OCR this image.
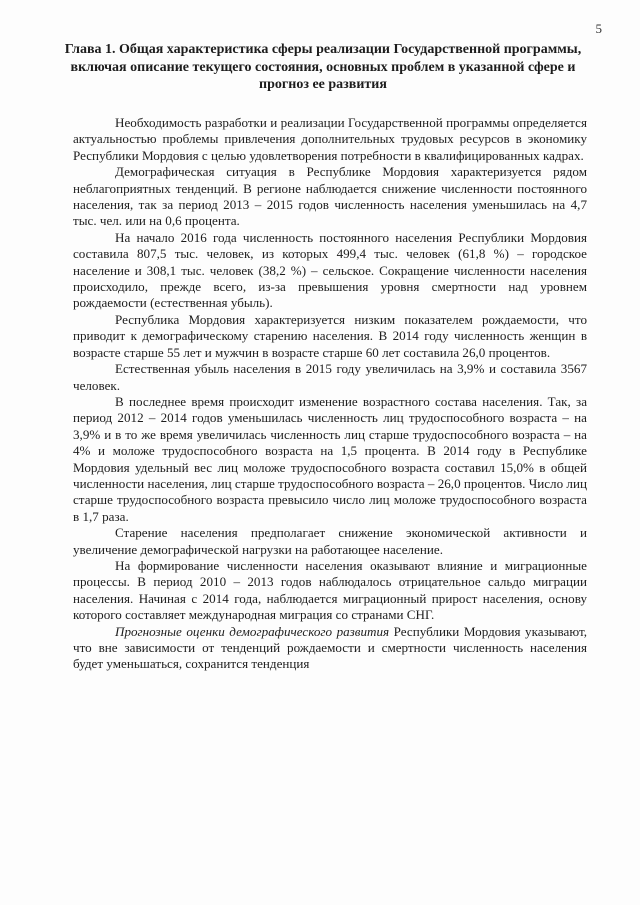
5
Глава 1. Общая характеристика сферы реализации Государственной программы, включая описание текущего состояния, основных проблем в указанной сфере и прогноз ее развития

Необходимость разработки и реализации Государственной программы определяется актуальностью проблемы привлечения дополнительных трудовых ресурсов в экономику Республики Мордовия с целью удовлетворения потребности в квалифицированных кадрах.

Демографическая ситуация в Республике Мордовия характеризуется рядом неблагоприятных тенденций. В регионе наблюдается снижение численности постоянного населения, так за период 2013 – 2015 годов численность населения уменьшилась на 4,7 тыс. чел. или на 0,6 процента.

На начало 2016 года численность постоянного населения Республики Мордовия составила 807,5 тыс. человек, из которых 499,4 тыс. человек (61,8 %) – городское население и 308,1 тыс. человек (38,2 %) – сельское. Сокращение численности населения происходило, прежде всего, из-за превышения уровня смертности над уровнем рождаемости (естественная убыль).

Республика Мордовия характеризуется низким показателем рождаемости, что приводит к демографическому старению населения. В 2014 году численность женщин в возрасте старше 55 лет и мужчин в возрасте старше 60 лет составила 26,0 процентов.

Естественная убыль населения в 2015 году увеличилась на 3,9% и составила 3567 человек.

В последнее время происходит изменение возрастного состава населения. Так, за период 2012 – 2014 годов уменьшилась численность лиц трудоспособного возраста – на 3,9% и в то же время увеличилась численность лиц старше трудоспособного возраста – на 4% и моложе трудоспособного возраста на 1,5 процента. В 2014 году в Республике Мордовия удельный вес лиц моложе трудоспособного возраста составил 15,0% в общей численности населения, лиц старше трудоспособного возраста – 26,0 процентов. Число лиц старше трудоспособного возраста превысило число лиц моложе трудоспособного возраста в 1,7 раза.

Старение населения предполагает снижение экономической активности и увеличение демографической нагрузки на работающее население.

На формирование численности населения оказывают влияние и миграционные процессы. В период 2010 – 2013 годов наблюдалось отрицательное сальдо миграции населения. Начиная с 2014 года, наблюдается миграционный прирост населения, основу которого составляет международная миграция со странами СНГ.

Прогнозные оценки демографического развития Республики Мордовия указывают, что вне зависимости от тенденций рождаемости и смертности численность населения будет уменьшаться, сохранится тенденция
